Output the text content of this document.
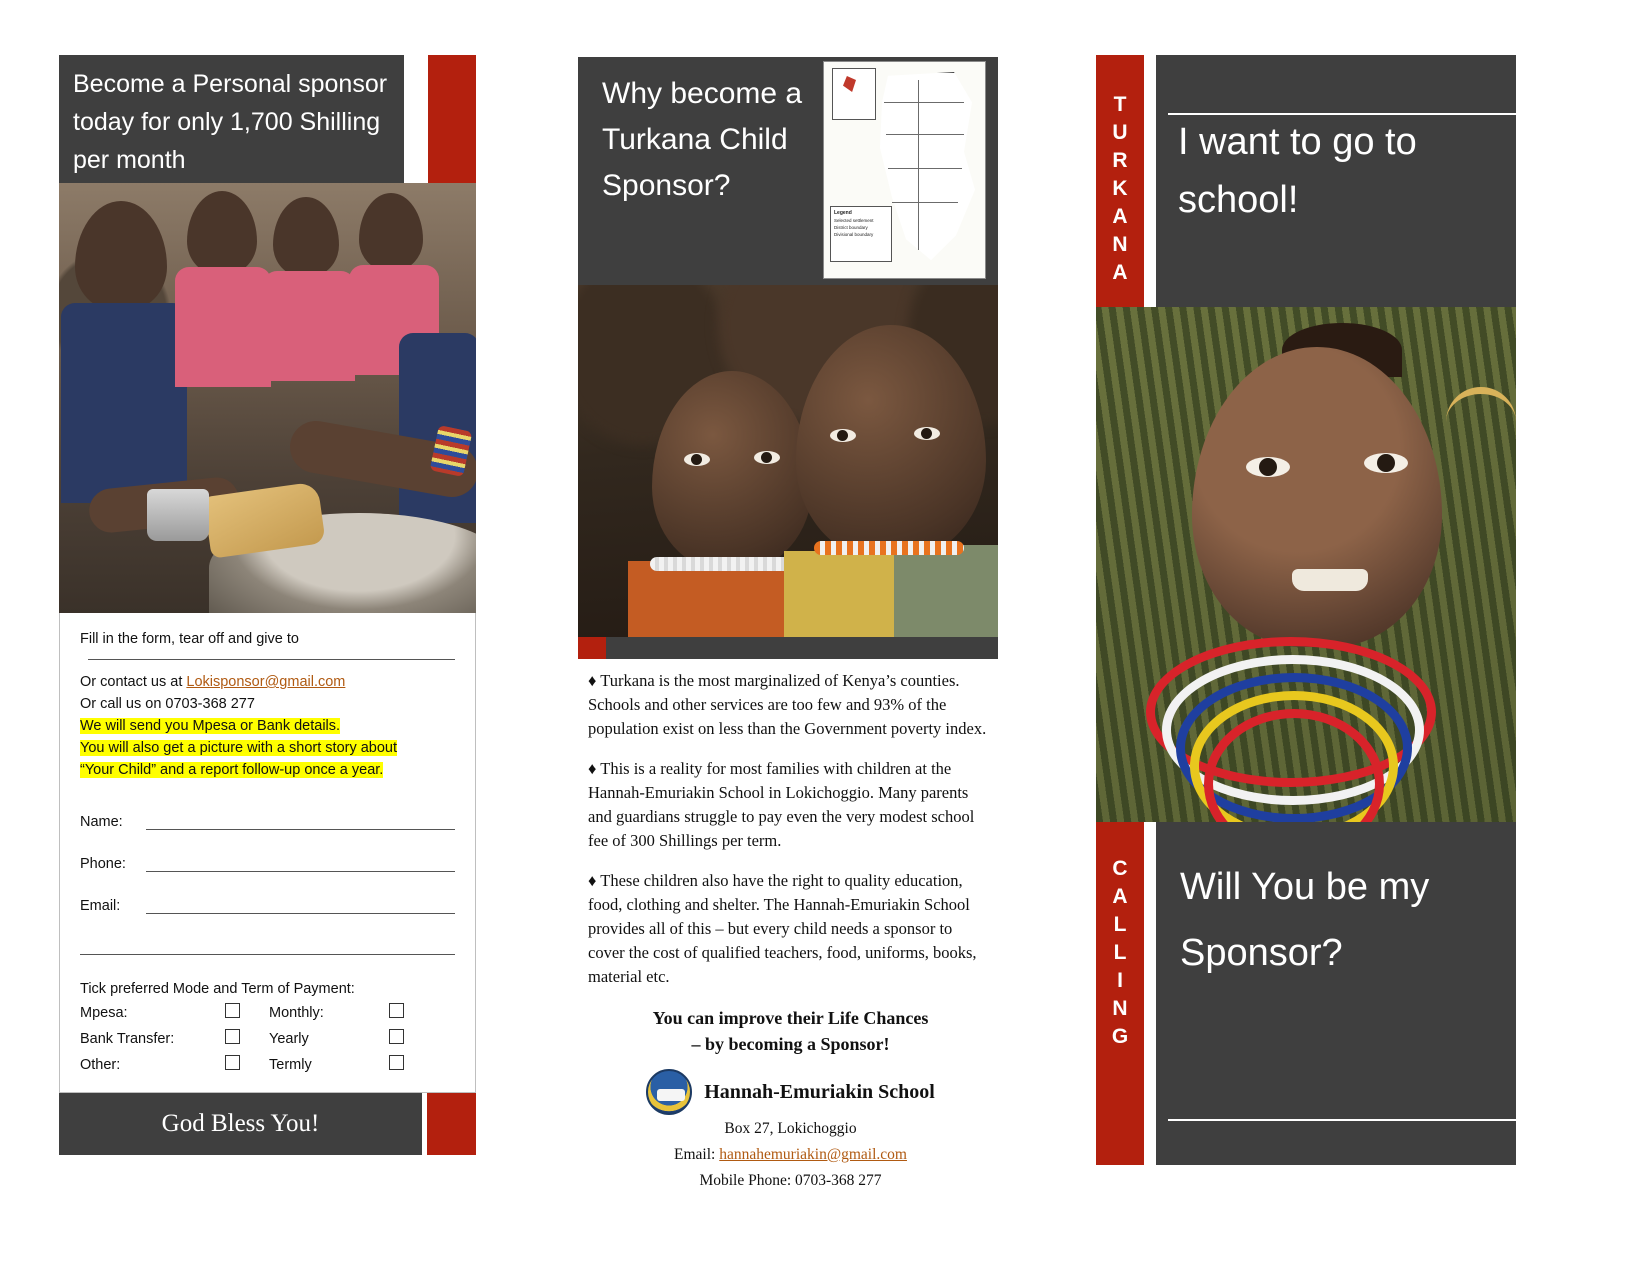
Become a Personal sponsor today for only 1,700 Shilling per month
Fill in the form, tear off and give to
Or contact us at Lokisponsor@gmail.com
Or call us on 0703-368 277
We will send you Mpesa or Bank details.
You will also get a picture with a short story about
“Your Child” and a report follow-up once a year.
Name:
Phone:
Email:
Tick preferred Mode and Term of Payment:
Mpesa:	Monthly:
Bank Transfer:	Yearly
Other:	Termly
God Bless You!
Why become a Turkana Child Sponsor?
Legend
Selected settlement
District boundary
Divisional boundary

♦ Turkana is the most marginalized of Kenya’s counties. Schools and other services are too few and 93% of the population exist on less than the Government poverty index.

♦ This is a reality for most families with children at the Hannah-Emuriakin School in Lokichoggio. Many parents and guardians struggle to pay even the very modest school fee of 300 Shillings per term.

♦ These children also have the right to quality education, food, clothing and shelter. The Hannah-Emuriakin School provides all of this – but every child needs a sponsor to cover the cost of qualified teachers, food, uniforms, books, material etc.

You can improve their Life Chances
– by becoming a Sponsor!
Hannah-Emuriakin School
Box 27, Lokichoggio
Email: hannahemuriakin@gmail.com
Mobile Phone: 0703-368 277
T
U
R
K
A
N
A
C
A
L
L
I
N
G
I want to go to school!
Will You be my Sponsor?
